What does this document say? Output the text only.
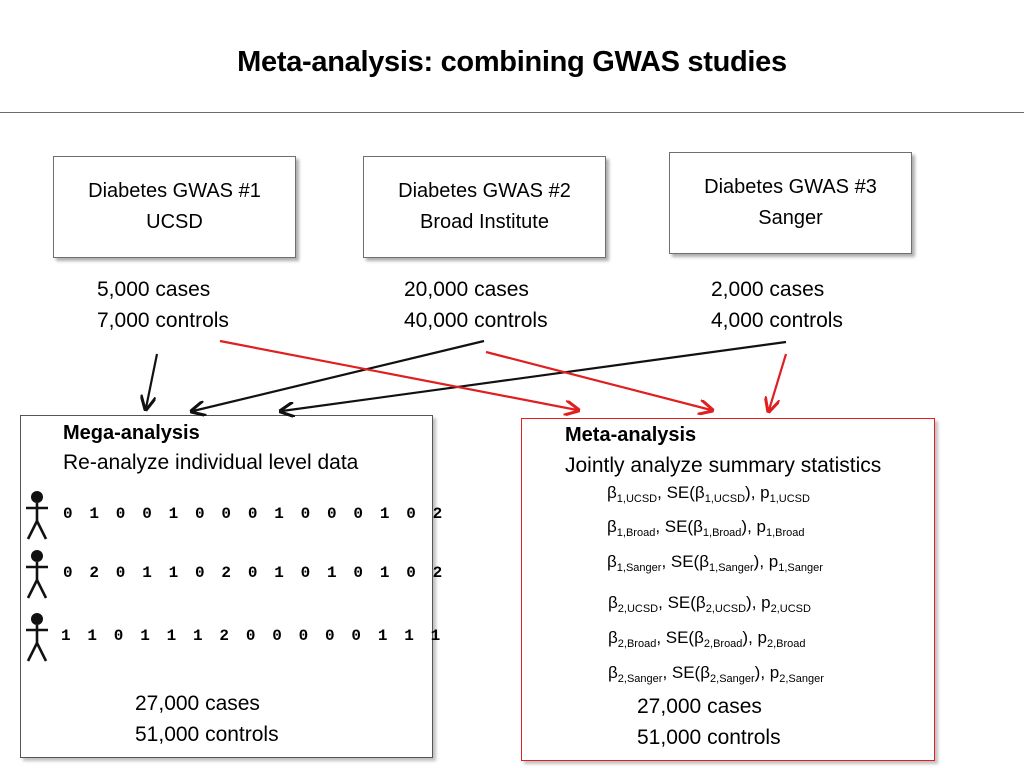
Meta-analysis: combining GWAS studies
Diabetes GWAS #1
UCSD
Diabetes GWAS #2
Broad Institute
Diabetes GWAS #3
Sanger
5,000 cases
7,000 controls
20,000 cases
40,000 controls
2,000 cases
4,000 controls
Mega-analysis
Re-analyze individual level data
0 1 0 0 1 0 0 0 1 0 0 0 1 0 2
0 2 0 1 1 0 2 0 1 0 1 0 1 0 2
1 1 0 1 1 1 2 0 0 0 0 0 1 1 1
27,000 cases
51,000 controls
Meta-analysis
Jointly analyze summary statistics
$\beta_{1,UCSD}$, $SE(\beta_{1,UCSD})$, $p_{1,UCSD}$
$\beta_{1,Broad}$, $SE(\beta_{1,Broad})$, $p_{1,Broad}$
$\beta_{1,Sanger}$, $SE(\beta_{1,Sanger})$, $p_{1,Sanger}$
$\beta_{2,UCSD}$, $SE(\beta_{2,UCSD})$, $p_{2,UCSD}$
$\beta_{2,Broad}$, $SE(\beta_{2,Broad})$, $p_{2,Broad}$
$\beta_{2,Sanger}$, $SE(\beta_{2,Sanger})$, $p_{2,Sanger}$
27,000 cases
51,000 controls
